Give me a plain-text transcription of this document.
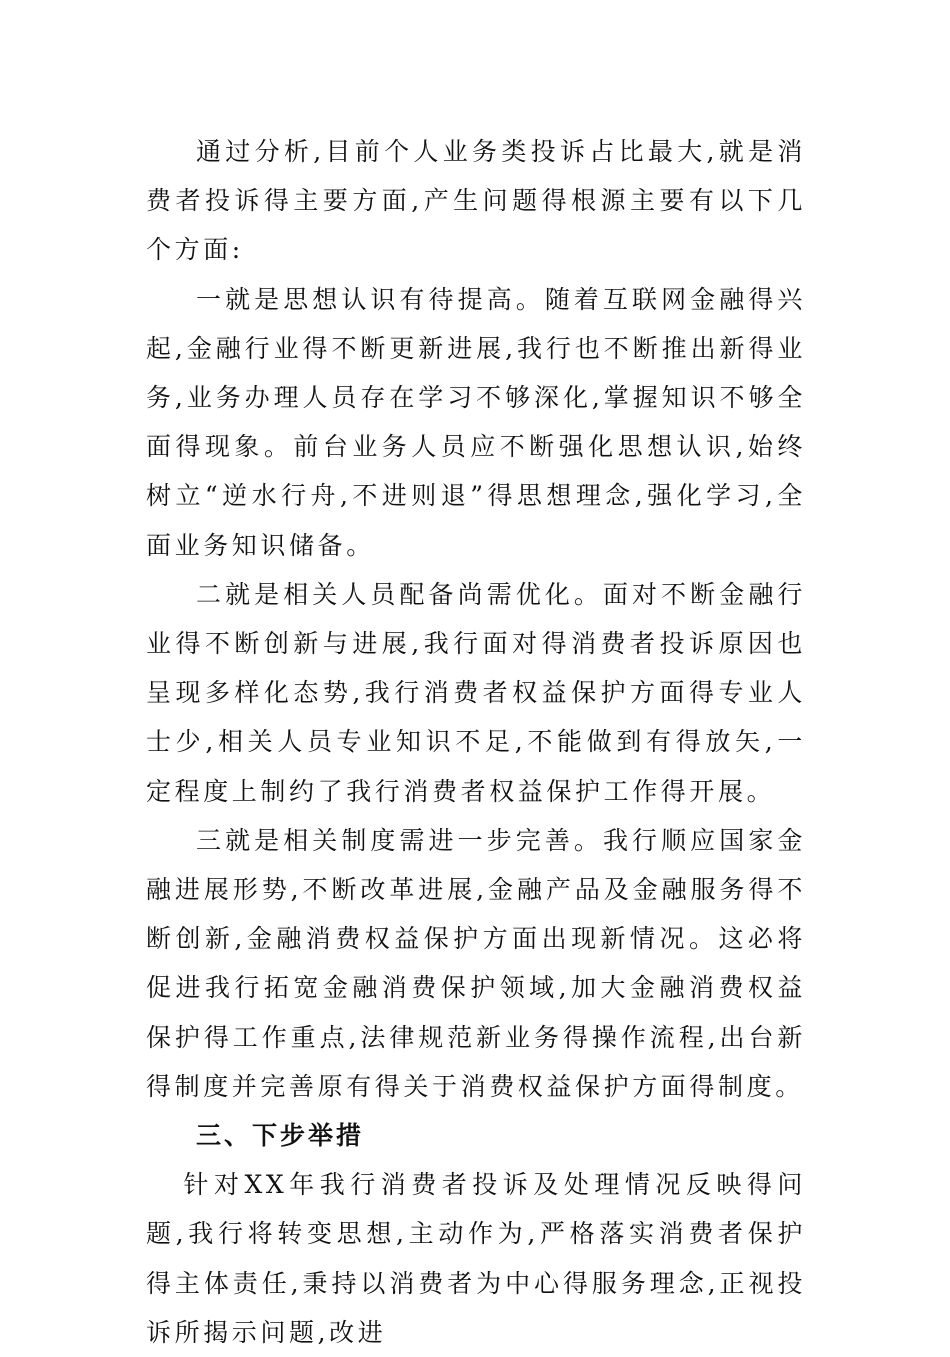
通过分析,目前个人业务类投诉占比最大,就是消费者投诉得主要方面,产生问题得根源主要有以下几个方面:

一就是思想认识有待提高。随着互联网金融得兴起,金融行业得不断更新进展,我行也不断推出新得业务,业务办理人员存在学习不够深化,掌握知识不够全面得现象。前台业务人员应不断强化思想认识,始终树立“逆水行舟,不进则退”得思想理念,强化学习,全面业务知识储备。

二就是相关人员配备尚需优化。面对不断金融行业得不断创新与进展,我行面对得消费者投诉原因也呈现多样化态势,我行消费者权益保护方面得专业人士少,相关人员专业知识不足,不能做到有得放矢,一定程度上制约了我行消费者权益保护工作得开展。

三就是相关制度需进一步完善。我行顺应国家金融进展形势,不断改革进展,金融产品及金融服务得不断创新,金融消费权益保护方面出现新情况。这必将促进我行拓宽金融消费保护领域,加大金融消费权益保护得工作重点,法律规范新业务得操作流程,出台新得制度并完善原有得关于消费权益保护方面得制度。

三、下步举措

针对XX年我行消费者投诉及处理情况反映得问题,我行将转变思想,主动作为,严格落实消费者保护得主体责任,秉持以消费者为中心得服务理念,正视投诉所揭示问题,改进
